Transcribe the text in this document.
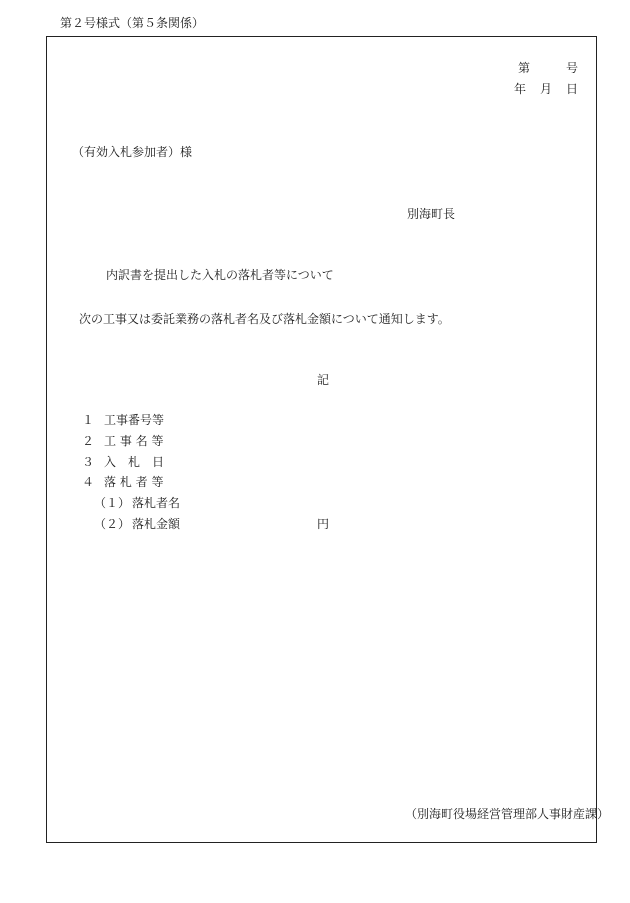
第２号様式（第５条関係）
第	号
年 月 日
（有効入札参加者）様
別海町長
内訳書を提出した入札の落札者等について
次の工事又は委託業務の落札者名及び落札金額について通知します。
記
１ 工事番号等
２ 工 事 名 等
３ 入　札　日
４ 落 札 者 等
（１） 落札者名
（２） 落札金額	円
（別海町役場経営管理部人事財産課）
